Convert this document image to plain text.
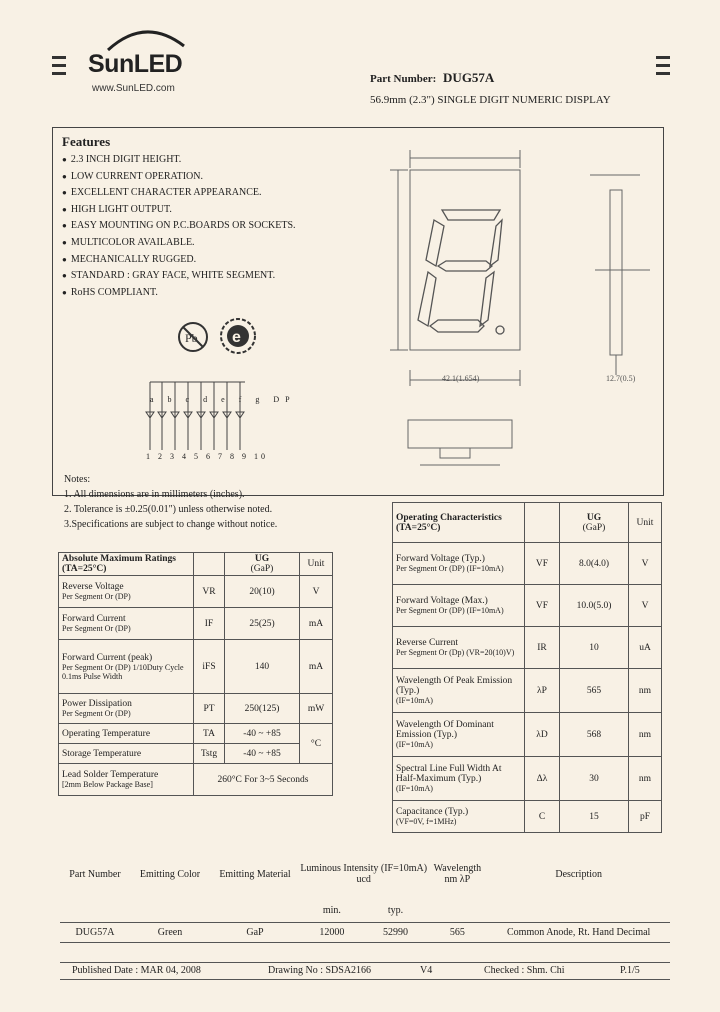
SunLED
www.SunLED.com
Part Number: DUG57A
56.9mm (2.3") SINGLE DIGIT NUMERIC DISPLAY
Features
● 2.3 INCH DIGIT HEIGHT.
● LOW CURRENT OPERATION.
● EXCELLENT CHARACTER APPEARANCE.
● HIGH LIGHT OUTPUT.
● EASY MOUNTING ON P.C.BOARDS OR SOCKETS.
● MULTICOLOR AVAILABLE.
● MECHANICALLY RUGGED.
● STANDARD : GRAY FACE, WHITE SEGMENT.
● RoHS COMPLIANT.
Pb e
a b c d e f g DP
1 2 3 4 5 6 7 8 9 10
42.1(1.654)	12.7(0.5)
Notes:
1. All dimensions are in millimeters (inches).
2. Tolerance is ±0.25(0.01") unless otherwise noted.
3.Specifications are subject to change without notice.
Absolute Maximum Ratings
(TA=25°C)		UG
(GaP)	Unit
Reverse Voltage
Per Segment Or (DP)	VR	20(10)	V
Forward Current
Per Segment Or (DP)	IF	25(25)	mA
Forward Current (peak)
Per Segment Or (DP) 1/10Duty Cycle 0.1ms Pulse Width	iFS	140	mA
Power Dissipation
Per Segment Or (DP)	PT	250(125)	mW
Operating Temperature	TA	-40 ~ +85	°C
Storage Temperature	Tstg	-40 ~ +85	
Lead Solder Temperature
[2mm Below Package Base]	260°C For 3~5 Seconds		
Operating Characteristics
(TA=25°C)		UG
(GaP)	Unit
Forward Voltage (Typ.)
Per Segment Or (DP) (IF=10mA)	VF	8.0(4.0)	V
Forward Voltage (Max.)
Per Segment Or (DP) (IF=10mA)	VF	10.0(5.0)	V
Reverse Current
Per Segment Or (Dp) (VR=20(10)V)	IR	10	uA
Wavelength Of Peak Emission (Typ.)
(IF=10mA)	λP	565	nm
Wavelength Of Dominant Emission (Typ.)
(IF=10mA)	λD	568	nm
Spectral Line Full Width At Half-Maximum (Typ.)
(IF=10mA)	Δλ	30	nm
Capacitance (Typ.)
(VF=0V, f=1MHz)	C	15	pF
Part Number	Emitting Color	Emitting Material	Luminous Intensity (IF=10mA) ucd		Wavelength nm λP	Description
			min.	typ.		
DUG57A	Green	GaP	12000	52990	565	Common Anode, Rt. Hand Decimal
Published Date : MAR 04, 2008	Drawing No : SDSA2166	V4	Checked : Shm. Chi	P.1/5
